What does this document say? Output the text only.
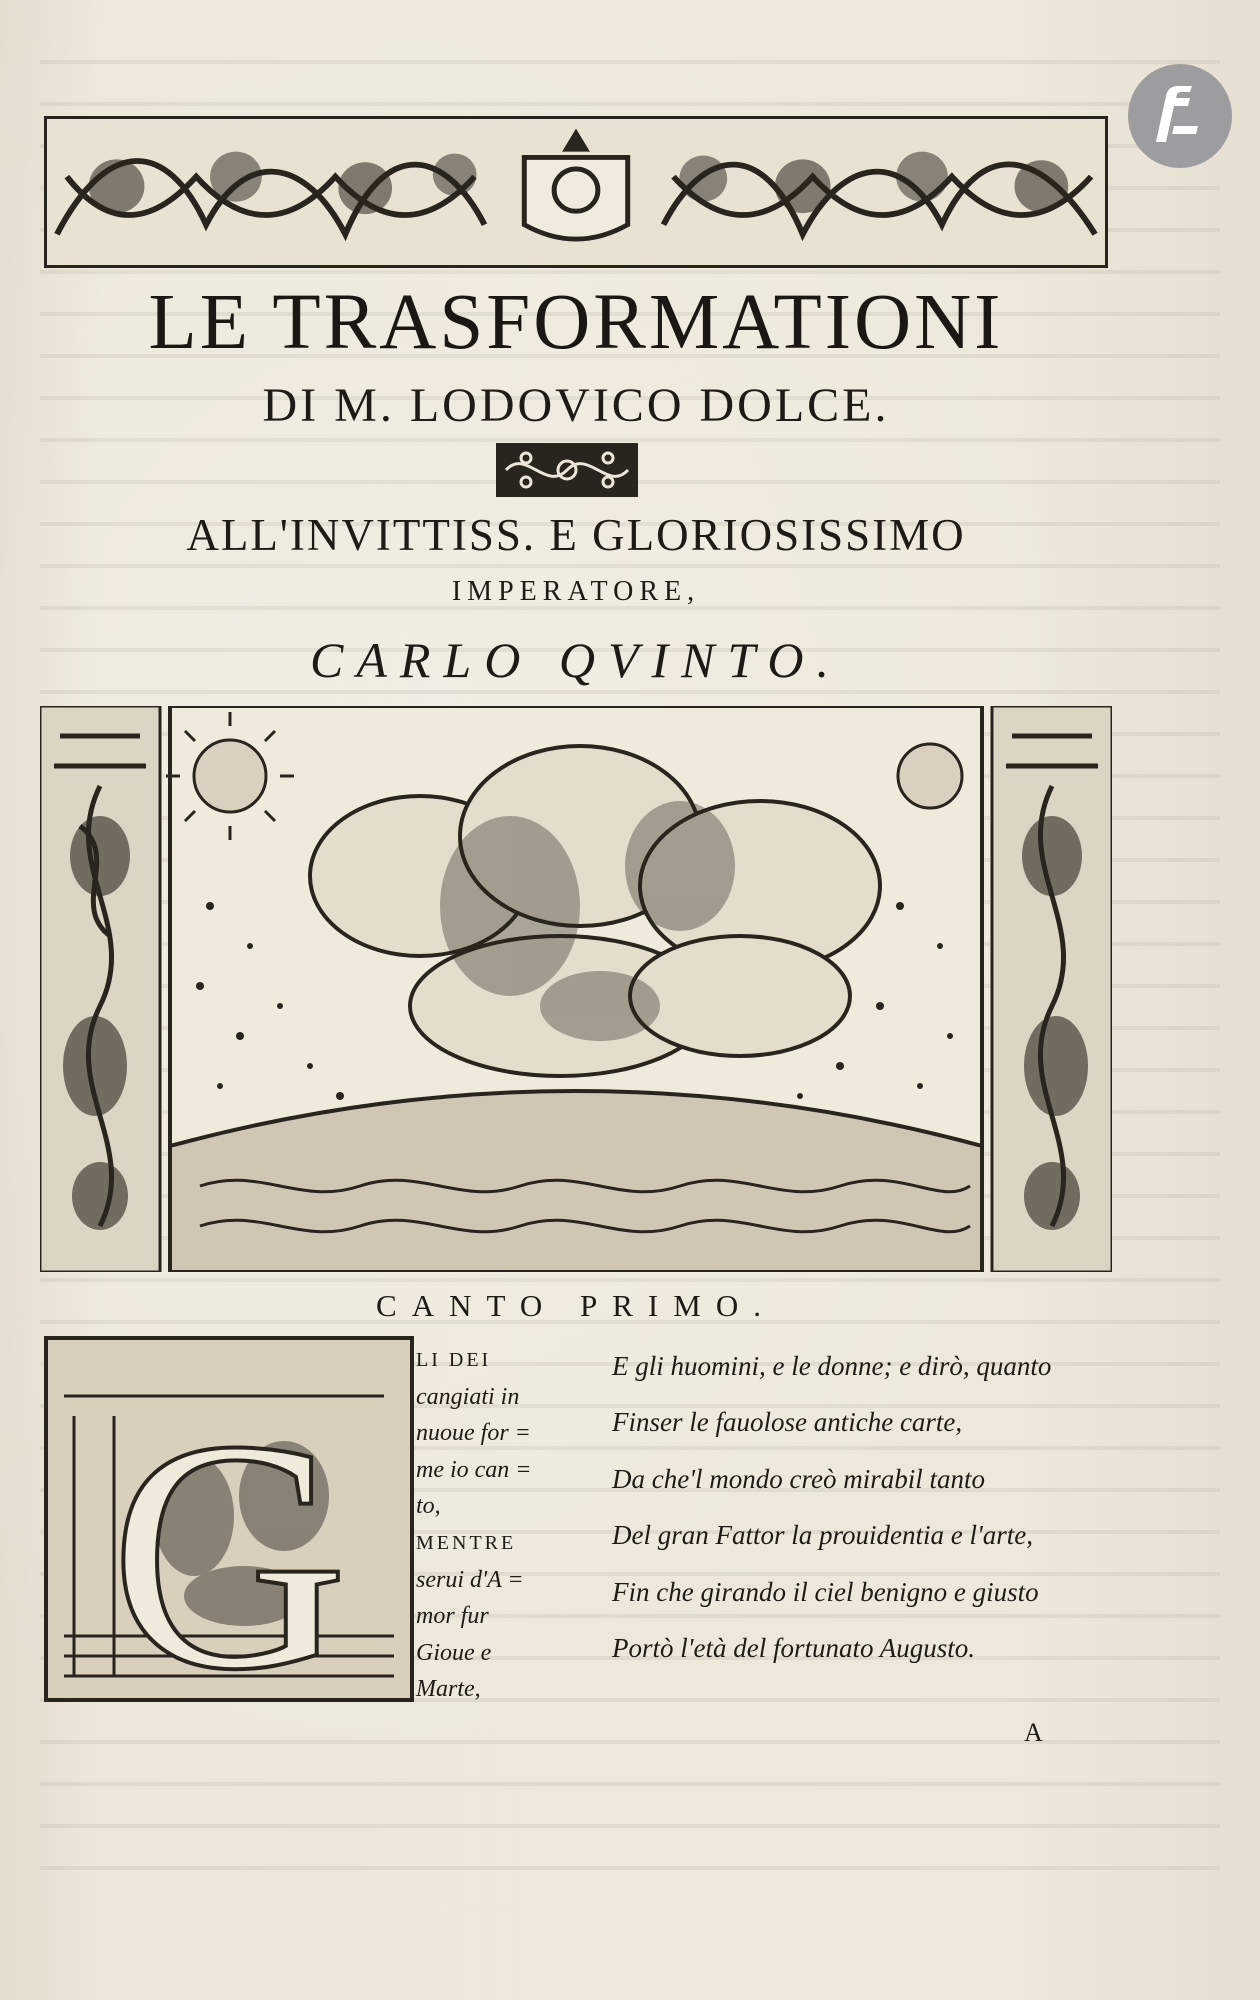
LE TRASFORMATIONI
DI M. LODOVICO DOLCE.
ALL'INVITTISS. E GLORIOSISSIMO
IMPERATORE,
CARLO QVINTO.
CANTO PRIMO.
G
LI DEI
cangiati in
nuoue for =
me io can =
to,
MENTRE
serui d'A =
mor fur
Gioue e
Marte,
E gli huomini, e le donne; e dirò, quanto
Finser le fauolose antiche carte,
Da che'l mondo creò mirabil tanto
Del gran Fattor la prouidentia e l'arte,
Fin che girando il ciel benigno e giusto
Portò l'età del fortunato Augusto.
A
